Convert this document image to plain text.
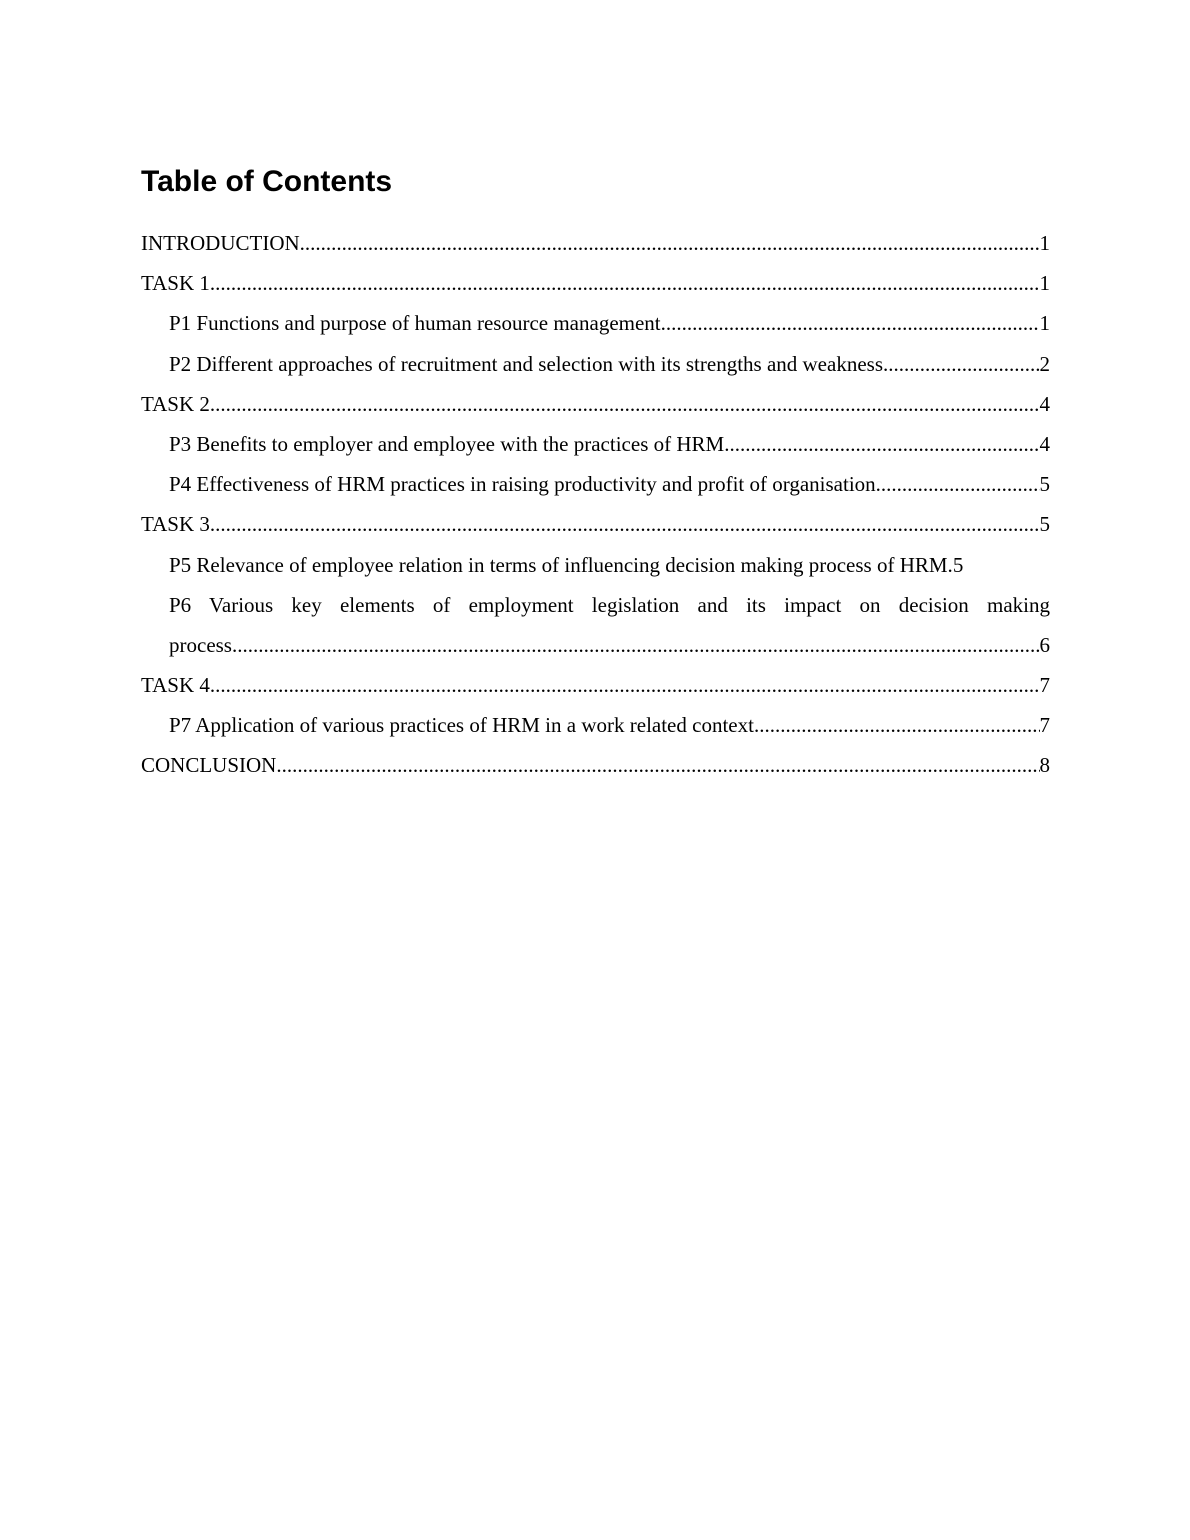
Table of Contents
INTRODUCTION .....	1
TASK 1 .....	1
P1 Functions and purpose of human resource management .....	1
P2 Different approaches of recruitment and selection with its strengths and weakness .....	2
TASK 2 .....	4
P3 Benefits to employer and employee with the practices of HRM .....	4
P4 Effectiveness of HRM practices in raising productivity and profit of organisation .....	5
TASK 3 .....	5
P5 Relevance of employee relation in terms of influencing decision making process of HRM. 5
P6 Various key elements of employment legislation and its impact on decision making
process .....	6
TASK 4 .....	7
P7 Application of various practices of HRM in a work related context .....	7
CONCLUSION .....	8
